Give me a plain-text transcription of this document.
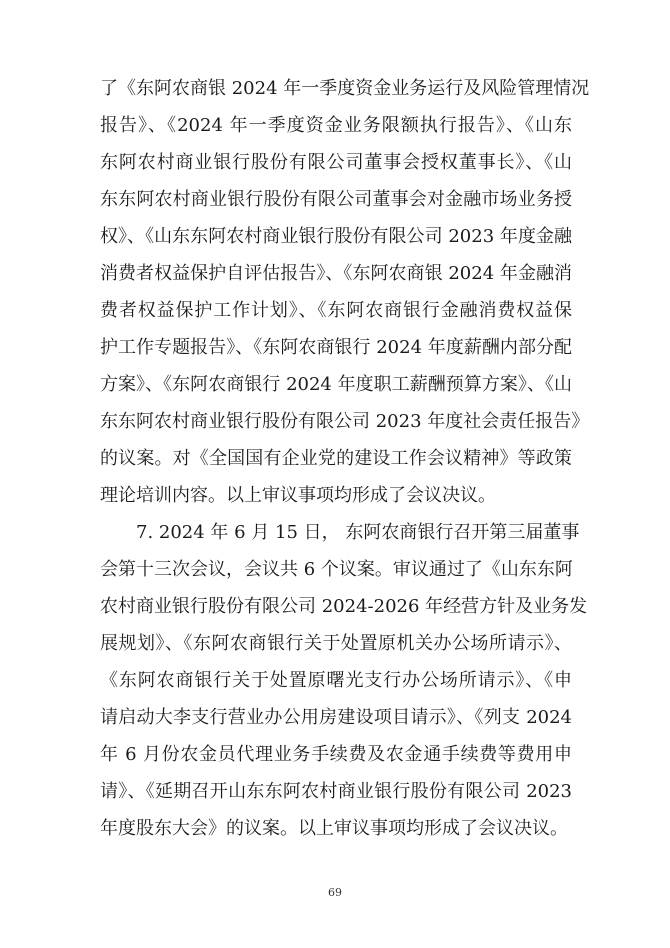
了《东阿农商银 2024 年一季度资金业务运行及风险管理情况
报告》、《2024 年一季度资金业务限额执行报告》、《山东
东阿农村商业银行股份有限公司董事会授权董事长》、《山
东东阿农村商业银行股份有限公司董事会对金融市场业务授
权》、《山东东阿农村商业银行股份有限公司 2023 年度金融
消费者权益保护自评估报告》、《东阿农商银 2024 年金融消
费者权益保护工作计划》、《东阿农商银行金融消费权益保
护工作专题报告》、《东阿农商银行 2024 年度薪酬内部分配
方案》、《东阿农商银行 2024 年度职工薪酬预算方案》、《山
东东阿农村商业银行股份有限公司 2023 年度社会责任报告》
的议案。对《全国国有企业党的建设工作会议精神》等政策
理论培训内容。以上审议事项均形成了会议决议。
7. 2024 年 6 月 15 日， 东阿农商银行召开第三届董事
会第十三次会议，会议共 6 个议案。审议通过了《山东东阿
农村商业银行股份有限公司 2024-2026 年经营方针及业务发
展规划》、《东阿农商银行关于处置原机关办公场所请示》、
《东阿农商银行关于处置原曙光支行办公场所请示》、《申
请启动大李支行营业办公用房建设项目请示》、《列支 2024
年 6 月份农金员代理业务手续费及农金通手续费等费用申
请》、《延期召开山东东阿农村商业银行股份有限公司 2023
年度股东大会》的议案。以上审议事项均形成了会议决议。
69
